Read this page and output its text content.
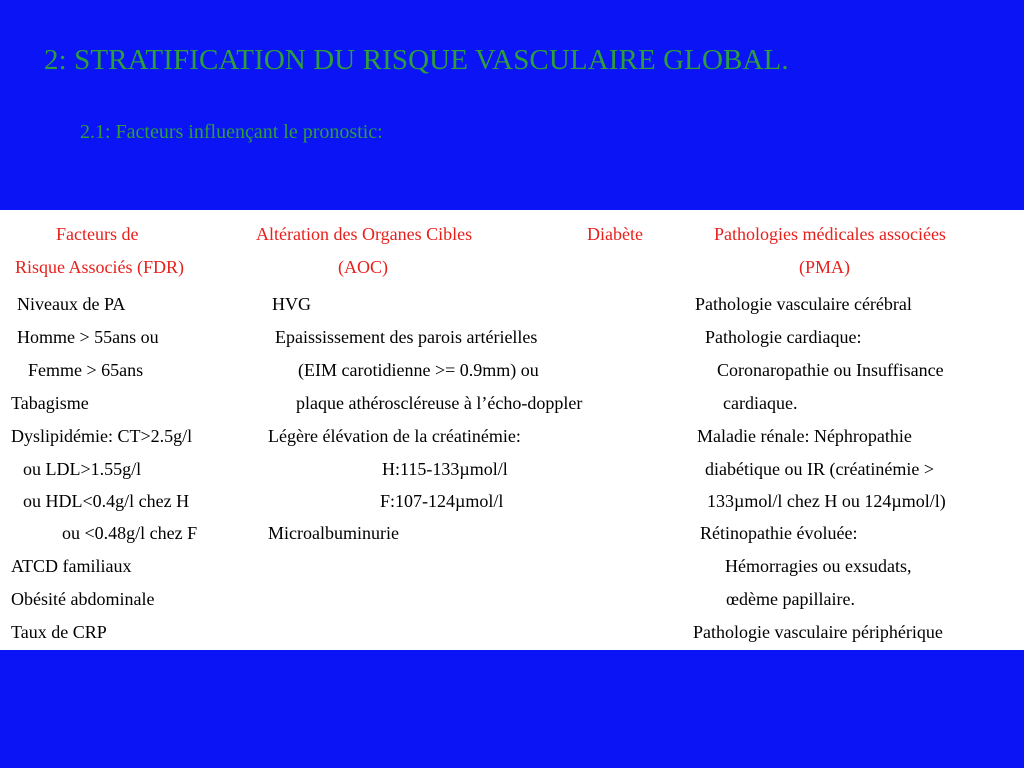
2: STRATIFICATION DU RISQUE VASCULAIRE GLOBAL.
2.1: Facteurs influençant le pronostic:
Facteurs de
Risque Associés (FDR)
Altération des Organes Cibles
(AOC)
Diabète	Pathologies médicales associées
(PMA)
Niveaux de PA
Homme > 55ans ou
Femme > 65ans
Tabagisme
Dyslipidémie: CT>2.5g/l
ou LDL>1.55g/l
ou HDL<0.4g/l chez H
ou <0.48g/l chez F
ATCD familiaux
Obésité abdominale
Taux de CRP
HVG
Epaississement des parois artérielles
(EIM carotidienne >= 0.9mm) ou
plaque athéroscléreuse à l’écho-doppler
Légère élévation de la créatinémie:
H:115-133µmol/l
F:107-124µmol/l
Microalbuminurie
Pathologie vasculaire cérébral
Pathologie cardiaque:
Coronaropathie ou Insuffisance
cardiaque.
Maladie rénale: Néphropathie
diabétique ou IR (créatinémie >
133µmol/l chez H ou 124µmol/l)
Rétinopathie évoluée:
Hémorragies ou exsudats,
œdème papillaire.
Pathologie vasculaire périphérique
